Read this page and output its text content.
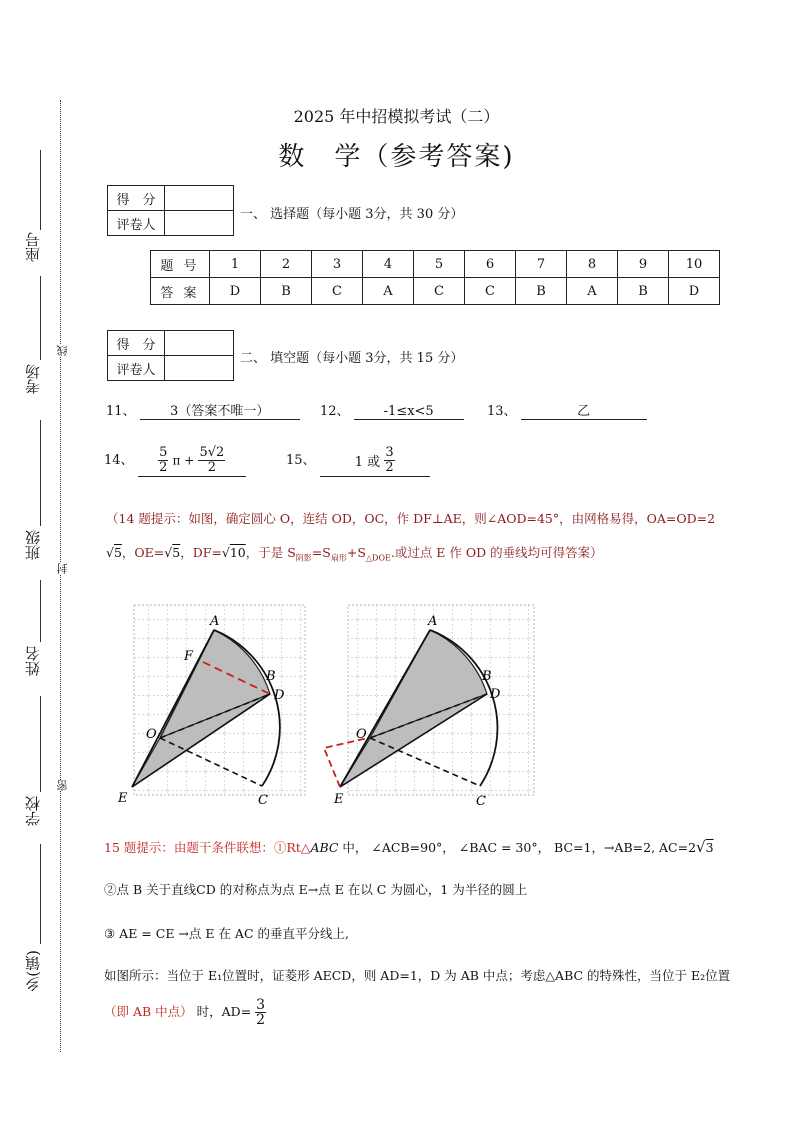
座号
考场
班级
姓名
学校
乡(镇)
线
封
密
2025 年中招模拟考试（二）
数　学（参考答案)
得　分	
评卷人	
一、 选择题（每小题 3分，共 30 分）
题 号	1	2	3	4	5	6	7	8	9	10
答 案	D	B	C	A	C	C	B	A	B	D
得　分	
评卷人	
二、 填空题（每小题 3分，共 15 分）
11、	3（答案不唯一）	12、	-1≤x<5	13、	乙
14、 $\frac{5}{2}$ $\pi + \frac{5√2}{2}$	15、	1 或 $\frac{3}{2}$
（14 题提示：如图，确定圆心 O，连结 OD，OC，作 DF⊥AE，则∠AOD=45°，由网格易得，OA=OD=2
√5，OE=√5，DF=√10，于是 $S_{阴影}=S_{扇形}+S_{\triangle DOE}$.或过点 E 作 OD 的垂线均可得答案）
A
B
D
F
O
E	C
A
B
D
O
E	C
15 题提示：由题干条件联想：①Rt△ABC 中， ∠ACB=90°， ∠BAC = 30°， BC=1，→AB=2, AC=2√3
②点 B 关于直线CD 的对称点为点 E→点 E 在以 C 为圆心，1 为半径的圆上
③ AE = CE →点 E 在 AC 的垂直平分线上,
如图所示：当位于 E₁位置时，证菱形 AECD，则 AD=1，D 为 AB 中点；考虑△ABC 的特殊性，当位于 E₂位置
（即 AB 中点） 时，$AD= \frac{3}{2}$
